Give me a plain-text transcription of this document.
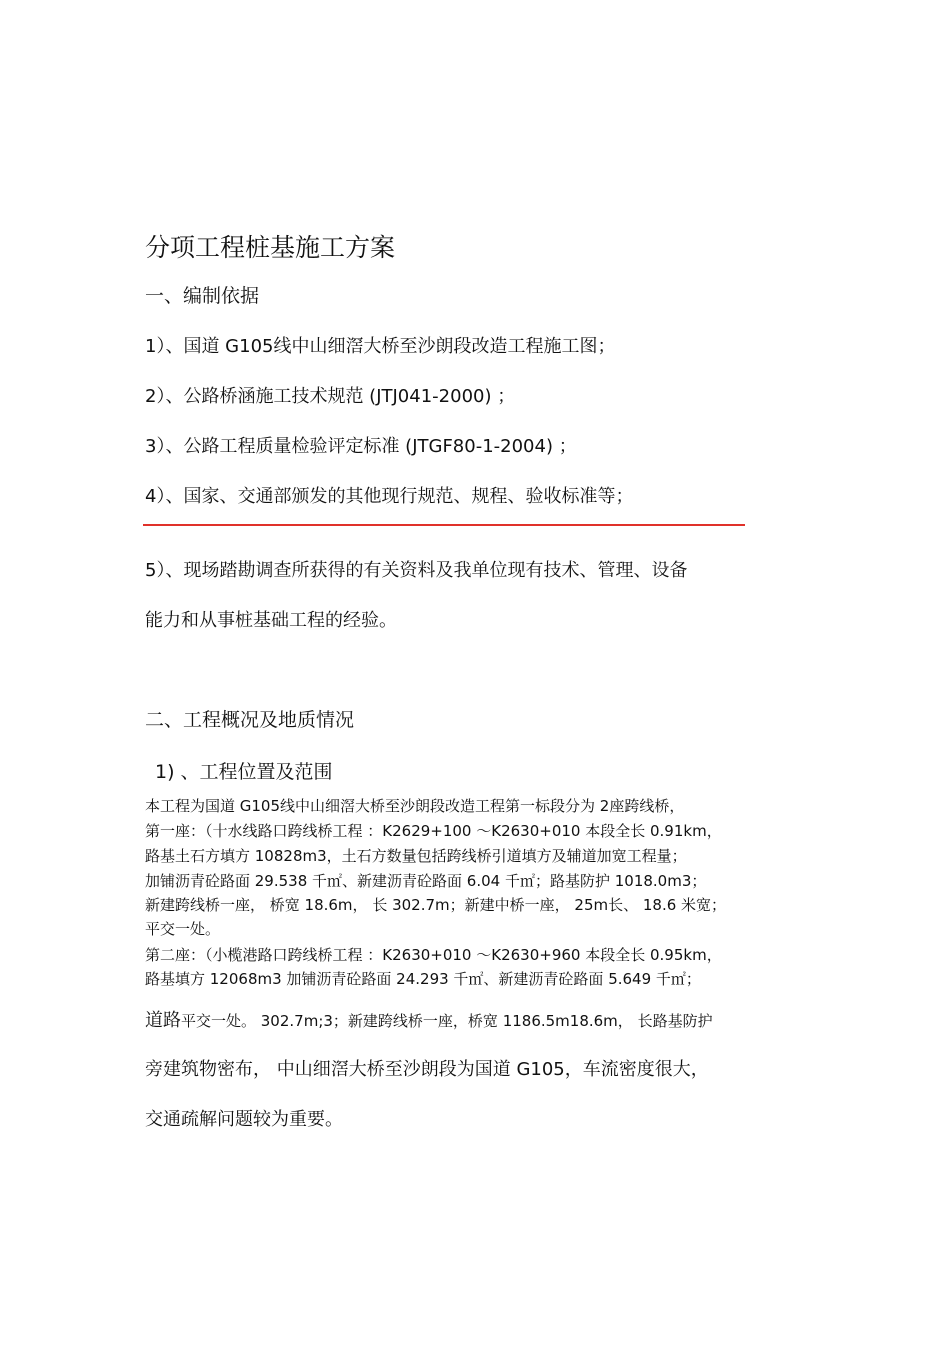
分项工程桩基施工方案
一、编制依据
1）、国道 G105线中山细滘大桥至沙朗段改造工程施工图；
2）、公路桥涵施工技术规范 (JTJ041-2000) ；
3）、公路工程质量检验评定标准 (JTGF80-1-2004) ；
4）、国家、交通部颁发的其他现行规范、规程、验收标准等；
5）、现场踏勘调查所获得的有关资料及我单位现有技术、管理、设备
能力和从事桩基础工程的经验。
二、工程概况及地质情况
1) 、工程位置及范围
本工程为国道 G105线中山细滘大桥至沙朗段改造工程第一标段分为 2座跨线桥，
第一座：（十水线路口跨线桥工程 ：K2629+100 ～K2630+010 本段全长 0.91km，
路基土石方填方 10828m3，土石方数量包括跨线桥引道填方及辅道加宽工程量；
加铺沥青砼路面 29.538 千㎡、新建沥青砼路面 6.04 千㎡；路基防护 1018.0m3；
新建跨线桥一座， 桥宽 18.6m， 长 302.7m；新建中桥一座， 25m长、 18.6 米宽；
平交一处。
第二座：（小榄港路口跨线桥工程 ：K2630+010 ～K2630+960 本段全长 0.95km，
路基填方 12068m3 加铺沥青砼路面 24.293 千㎡、新建沥青砼路面 5.649 千㎡；
道路平交一处。 302.7m;3；新建跨线桥一座，桥宽 1186.5m18.6m， 长路基防护
旁建筑物密布， 中山细滘大桥至沙朗段为国道 G105，车流密度很大，
交通疏解问题较为重要。
